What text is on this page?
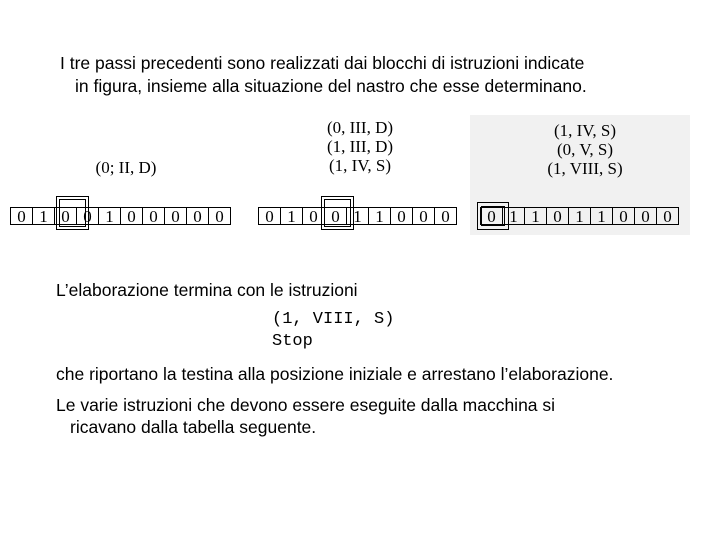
I tre passi precedenti sono realizzati dai blocchi di istruzioni indicate
in figura, insieme alla situazione del nastro che esse determinano.
(0; II, D)
0 1 0 0 1 0 0 0 0 0
(0, III, D)
(1, III, D)
(1, IV, S)
0 1 0 0 1 1 0 0 0
(1, IV, S)
(0, V, S)
(1, VIII, S)
0 1 1 0 1 1 0 0 0
L’elaborazione termina con le istruzioni
(1, VIII, S)
Stop
che riportano la testina alla posizione iniziale e arrestano l’elaborazione.
Le varie istruzioni che devono essere eseguite dalla macchina si
ricavano dalla tabella seguente.
